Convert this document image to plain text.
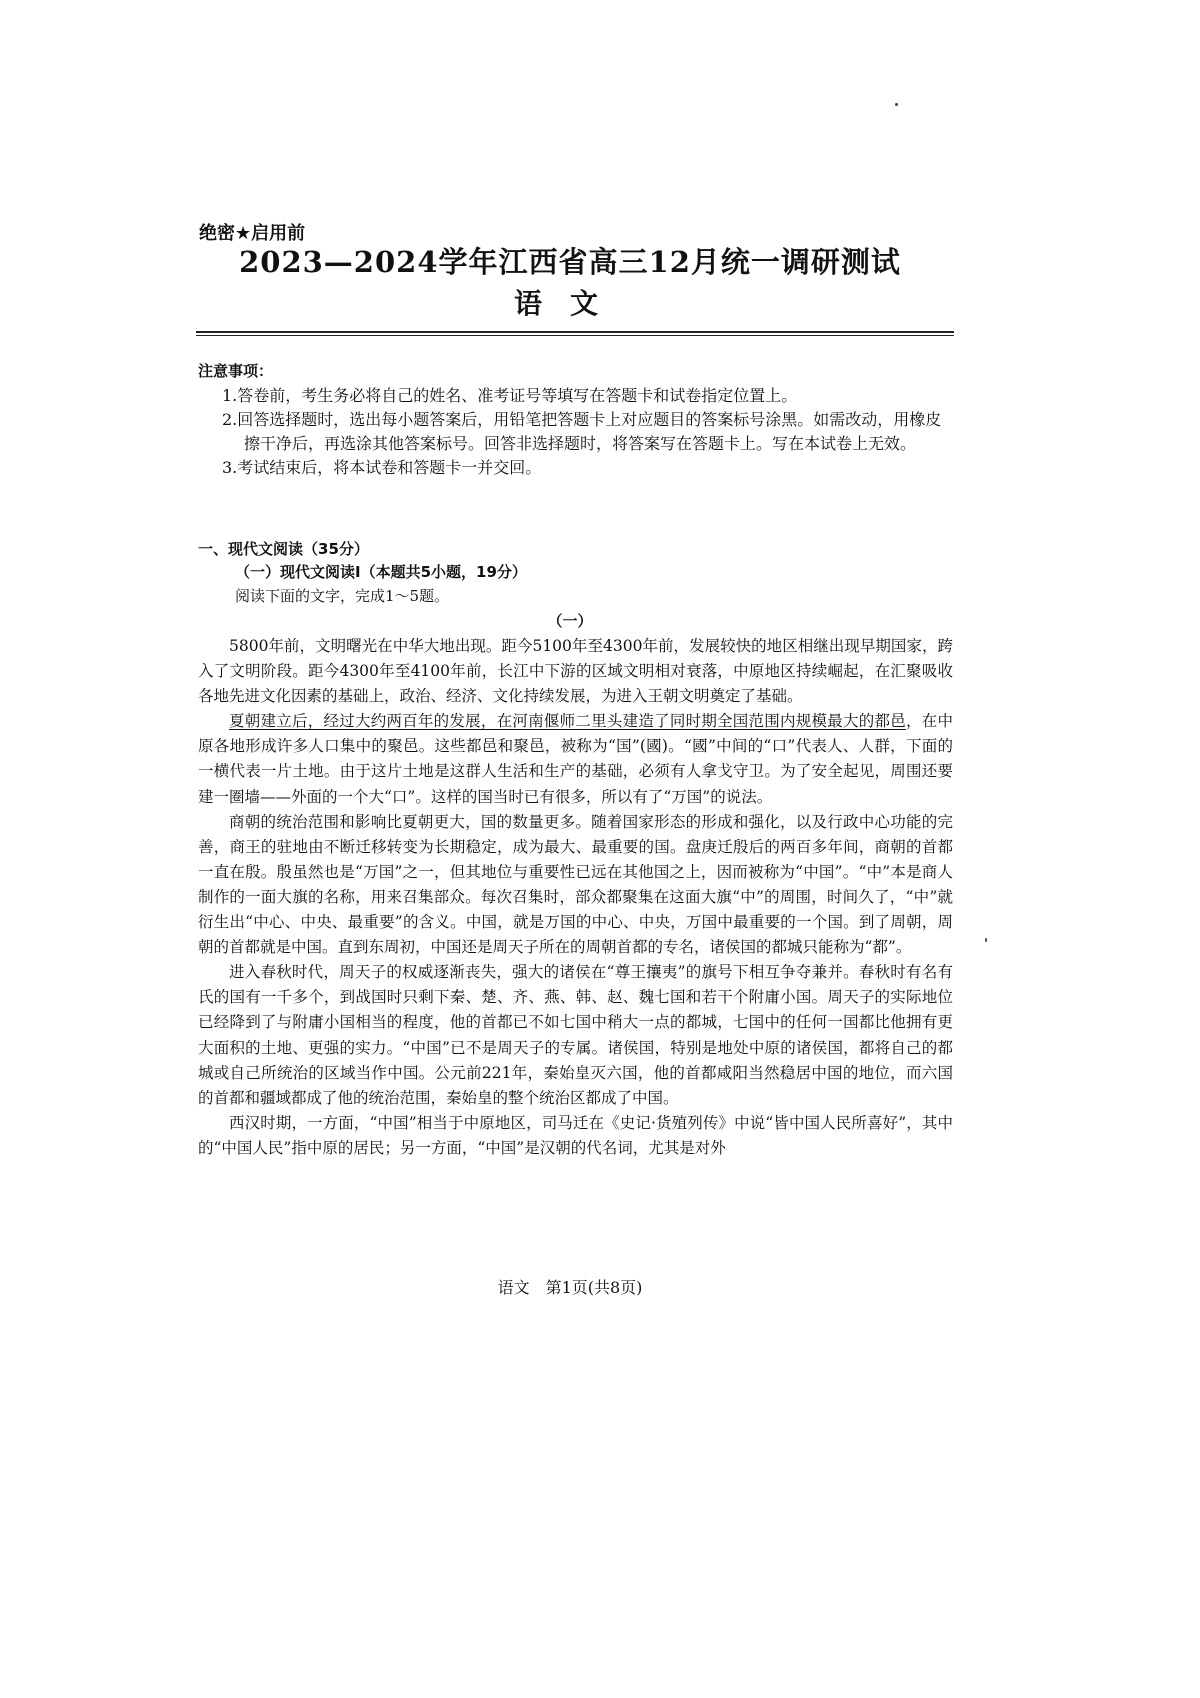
绝密★启用前
2023—2024学年江西省高三12月统一调研测试
语文
注意事项：
1.答卷前，考生务必将自己的姓名、准考证号等填写在答题卡和试卷指定位置上。
2.回答选择题时，选出每小题答案后，用铅笔把答题卡上对应题目的答案标号涂黑。如需改动，用橡皮擦干净后，再选涂其他答案标号。回答非选择题时，将答案写在答题卡上。写在本试卷上无效。
3.考试结束后，将本试卷和答题卡一并交回。
一、现代文阅读（35分）
（一）现代文阅读Ⅰ（本题共5小题，19分）
阅读下面的文字，完成1～5题。
（一）

5800年前，文明曙光在中华大地出现。距今5100年至4300年前，发展较快的地区相继出现早期国家，跨入了文明阶段。距今4300年至4100年前，长江中下游的区域文明相对衰落，中原地区持续崛起，在汇聚吸收各地先进文化因素的基础上，政治、经济、文化持续发展，为进入王朝文明奠定了基础。

夏朝建立后，经过大约两百年的发展，在河南偃师二里头建造了同时期全国范围内规模最大的都邑，在中原各地形成许多人口集中的聚邑。这些都邑和聚邑，被称为“国”(國)。“國”中间的“口”代表人、人群，下面的一横代表一片土地。由于这片土地是这群人生活和生产的基础，必须有人拿戈守卫。为了安全起见，周围还要建一圈墙——外面的一个大“口”。这样的国当时已有很多，所以有了“万国”的说法。

商朝的统治范围和影响比夏朝更大，国的数量更多。随着国家形态的形成和强化，以及行政中心功能的完善，商王的驻地由不断迁移转变为长期稳定，成为最大、最重要的国。盘庚迁殷后的两百多年间，商朝的首都一直在殷。殷虽然也是“万国”之一，但其地位与重要性已远在其他国之上，因而被称为“中国”。“中”本是商人制作的一面大旗的名称，用来召集部众。每次召集时，部众都聚集在这面大旗“中”的周围，时间久了，“中”就衍生出“中心、中央、最重要”的含义。中国，就是万国的中心、中央，万国中最重要的一个国。到了周朝，周朝的首都就是中国。直到东周初，中国还是周天子所在的周朝首都的专名，诸侯国的都城只能称为“都”。

进入春秋时代，周天子的权威逐渐丧失，强大的诸侯在“尊王攘夷”的旗号下相互争夺兼并。春秋时有名有氏的国有一千多个，到战国时只剩下秦、楚、齐、燕、韩、赵、魏七国和若干个附庸小国。周天子的实际地位已经降到了与附庸小国相当的程度，他的首都已不如七国中稍大一点的都城，七国中的任何一国都比他拥有更大面积的土地、更强的实力。“中国”已不是周天子的专属。诸侯国，特别是地处中原的诸侯国，都将自己的都城或自己所统治的区域当作中国。公元前221年，秦始皇灭六国，他的首都咸阳当然稳居中国的地位，而六国的首都和疆域都成了他的统治范围，秦始皇的整个统治区都成了中国。

西汉时期，一方面，“中国”相当于中原地区，司马迁在《史记·货殖列传》中说“皆中国人民所喜好”，其中的“中国人民”指中原的居民；另一方面，“中国”是汉朝的代名词，尤其是对外

语文　第1页(共8页)
